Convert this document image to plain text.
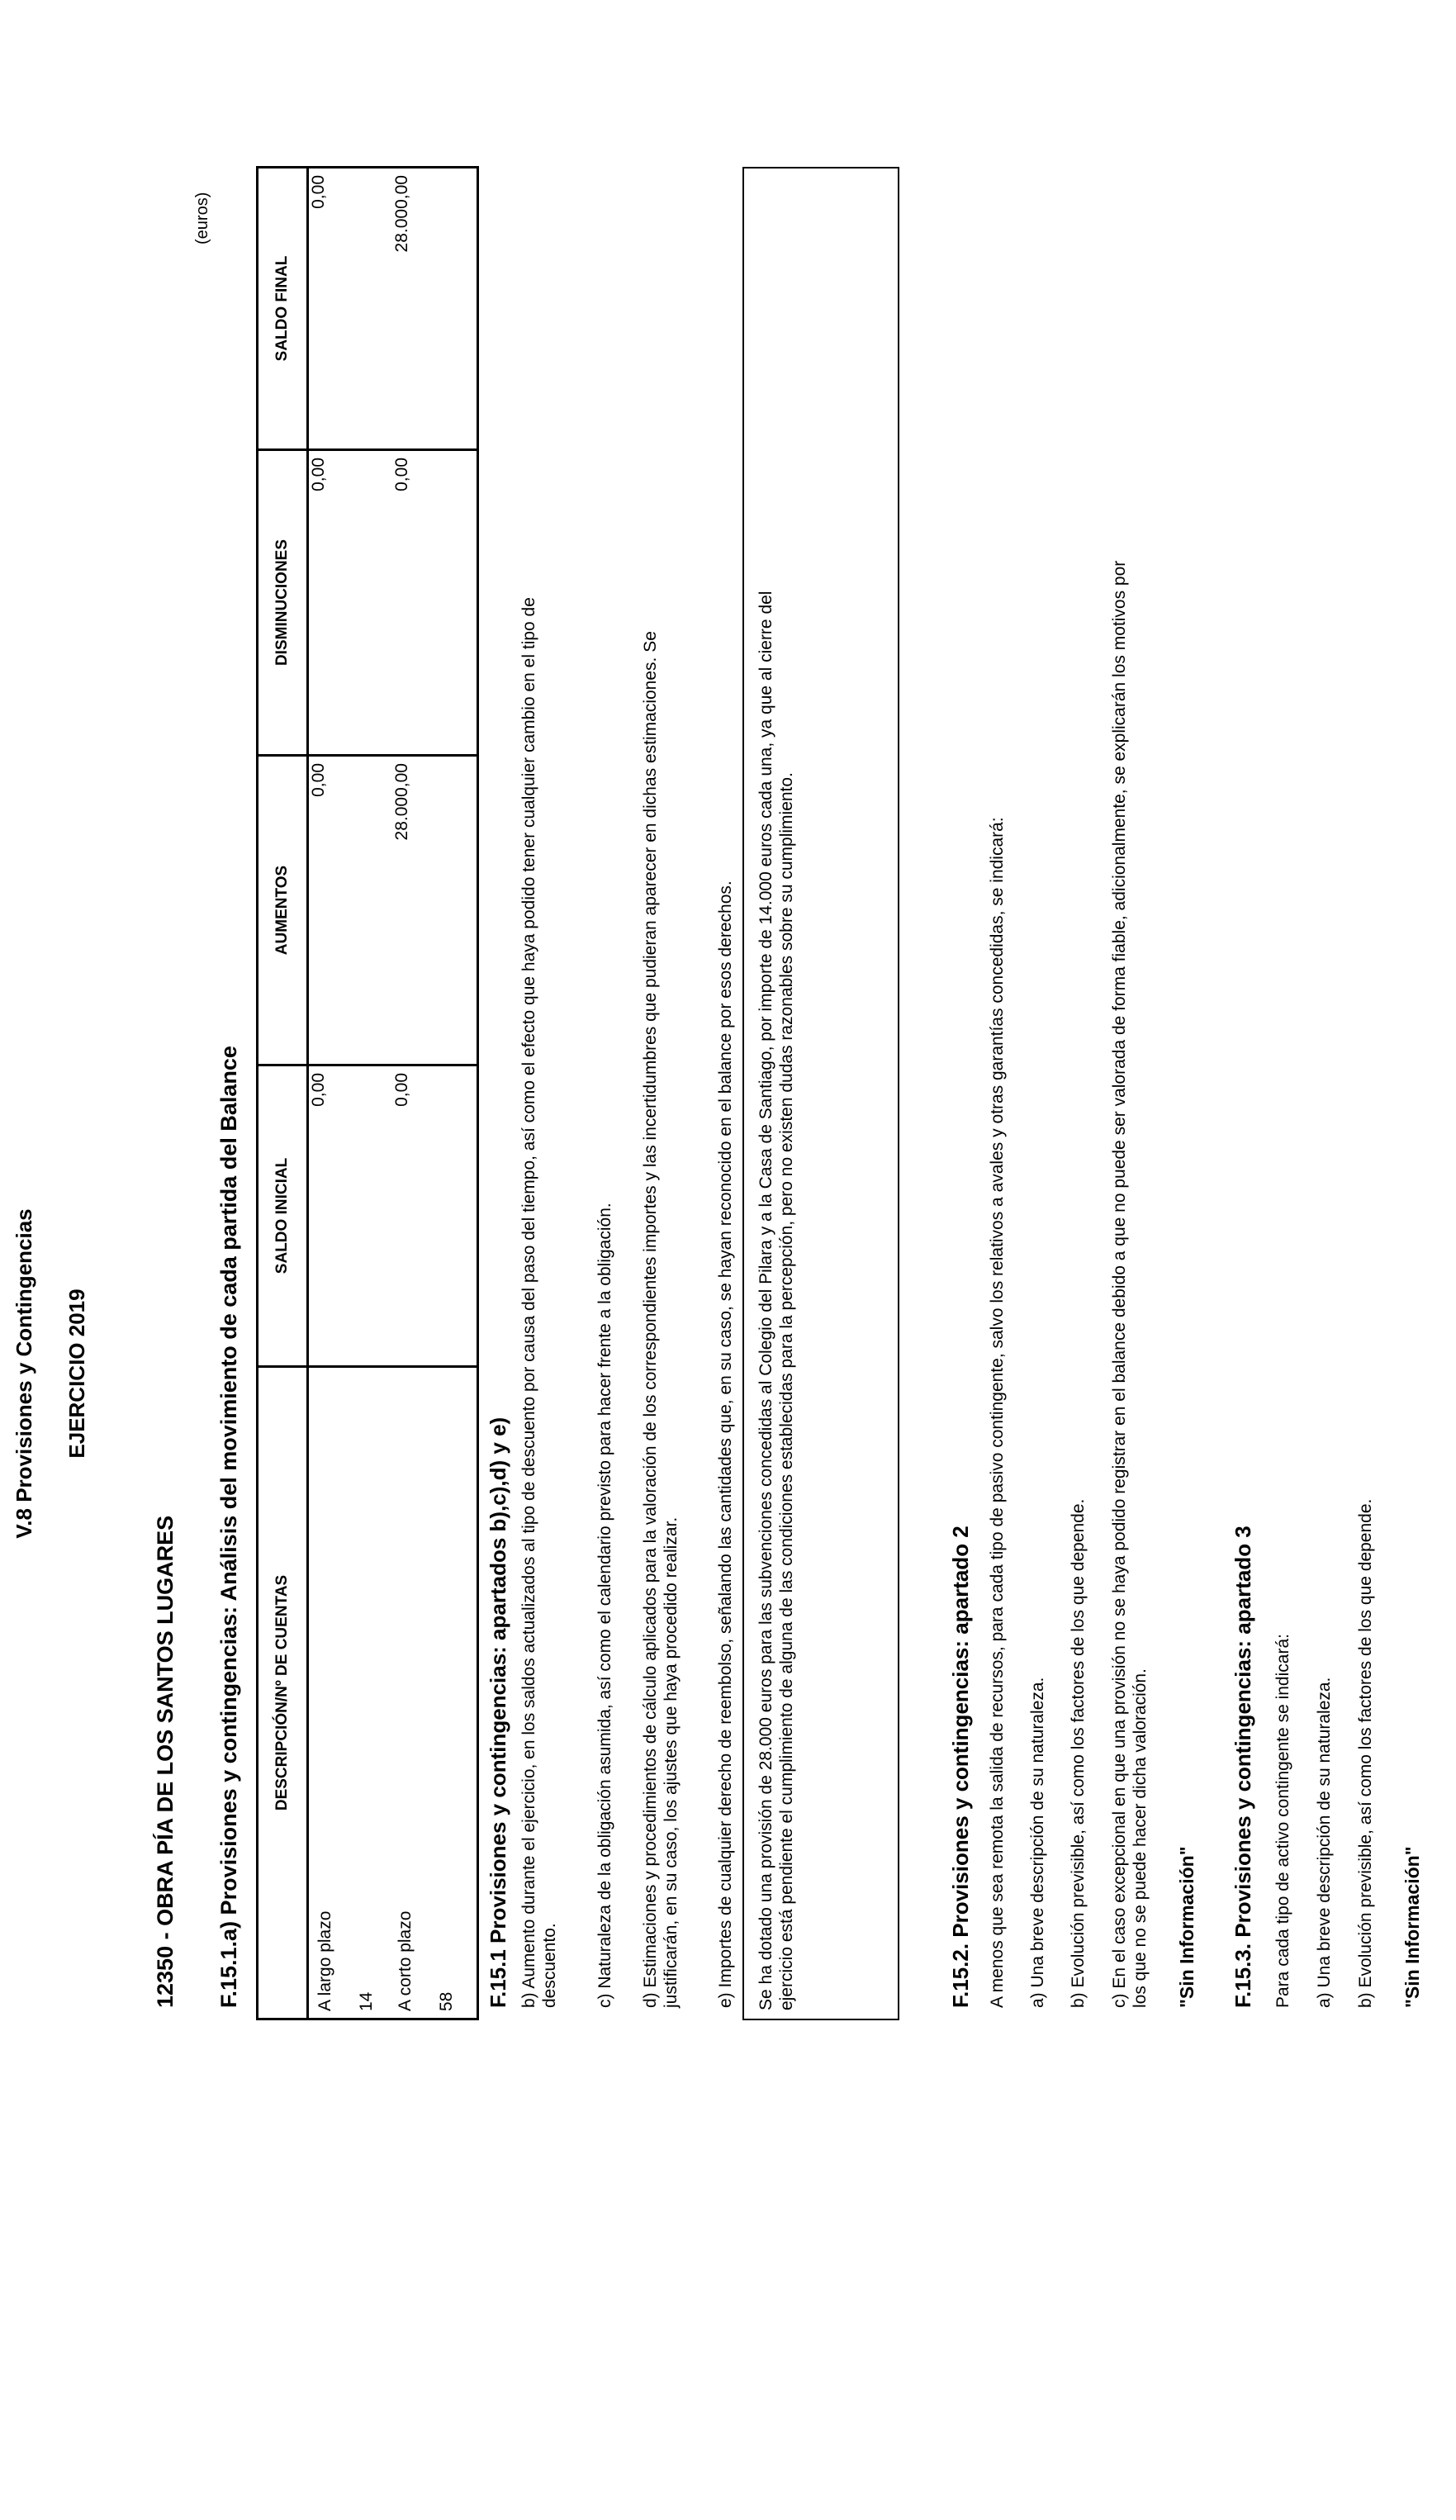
V.8 Provisiones y Contingencias EJERCICIO 2019
12350 - OBRA PÍA DE LOS SANTOS LUGARES F.15.1.a) Provisiones y contingencias: Análisis del movimiento de cada partida del Balance
(euros)
DESCRIPCIÓN/Nº DE CUENTAS	SALDO INICIAL	AUMENTOS	DISMINUCIONES	SALDO FINAL

A largo plazo 14	0,00	0,00	0,00	0,00

A corto plazo 58	0,00	28.000,00	0,00	28.000,00
F.15.1 Provisiones y contingencias: apartados b),c),d) y e) b) Aumento durante el ejercicio, en los saldos actualizados al tipo de descuento por causa del paso del tiempo, así como el efecto que haya podido tener cualquier cambio en el tipo de descuento. c) Naturaleza de la obligación asumida, así como el calendario previsto para hacer frente a la obligación. d) Estimaciones y procedimientos de cálculo aplicados para la valoración de los correspondientes importes y las incertidumbres que pudieran aparecer en dichas estimaciones. Se justificarán, en su caso, los ajustes que haya procedido realizar. e) Importes de cualquier derecho de reembolso, señalando las cantidades que, en su caso, se hayan reconocido en el balance por esos derechos. Se ha dotado una provisión de 28.000 euros para las subvenciones concedidas al Colegio del Pilara y a la Casa de Santiago, por importe de 14.000 euros cada una, ya que al cierre del ejercicio está pendiente el cumplimiento de alguna de las condiciones establecidas para la percepción, pero no existen dudas razonables sobre su cumplimiento.	F.15.2. Provisiones y contingencias: apartado 2 A menos que sea remota la salida de recursos, para cada tipo de pasivo contingente, salvo los relativos a avales y otras garantías concedidas, se indicará: a) Una breve descripción de su naturaleza. b) Evolución previsible, así como los factores de los que depende. c) En el caso excepcional en que una provisión no se haya podido registrar en el balance debido a que no puede ser valorada de forma fiable, adicionalmente, se explicarán los motivos por los que no se puede hacer dicha valoración. "Sin Información" F.15.3. Provisiones y contingencias: apartado 3 Para cada tipo de activo contingente se indicará: a) Una breve descripción de su naturaleza. b) Evolución previsible, así como los factores de los que depende. "Sin Información"
